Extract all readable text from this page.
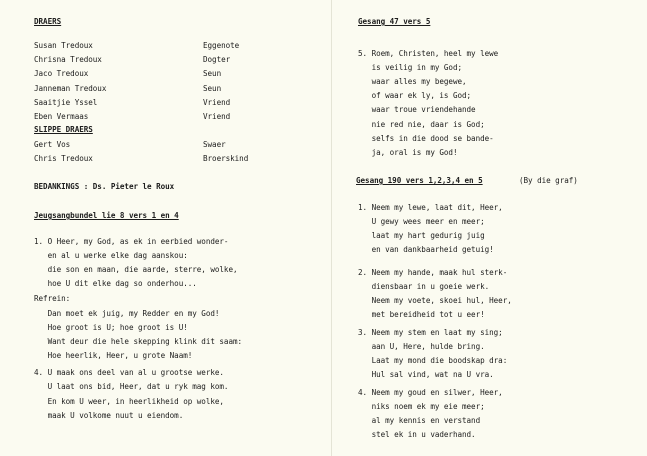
DRAERS
Susan Tredoux	Eggenote
Chrisna Tredoux	Dogter
Jaco Tredoux	Seun
Janneman Tredoux	Seun
Saaitjie Yssel	Vriend
Eben Vermaas	Vriend
SLIPPE DRAERS
Gert Vos	Swaer
Chris Tredoux	Broerskind
BEDANKINGS : Ds. Pieter le Roux
Jeugsangbundel lie 8 vers 1 en 4
1. O Heer, my God, as ek in eerbied wonder-
en al u werke elke dag aanskou:
die son en maan, die aarde, sterre, wolke,
hoe U dit elke dag so onderhou...
Refrein:
Dan moet ek juig, my Redder en my God!
Hoe groot is U; hoe groot is U!
Want deur die hele skepping klink dit saam:
Hoe heerlik, Heer, u grote Naam!
4. U maak ons deel van al u grootse werke.
U laat ons bid, Heer, dat u ryk mag kom.
En kom U weer, in heerlikheid op wolke,
maak U volkome nuut u eiendom.
Gesang 47 vers 5
5. Roem, Christen, heel my lewe
is veilig in my God;
waar alles my begewe,
of waar ek ly, is God;
waar troue vriendehande
nie red nie, daar is God;
selfs in die dood se bande-
ja, oral is my God!
Gesang 190 vers 1,2,3,4 en 5	(By die graf)
1. Neem my lewe, laat dit, Heer,
U gewy wees meer en meer;
laat my hart gedurig juig
en van dankbaarheid getuig!
2. Neem my hande, maak hul sterk-
diensbaar in u goeie werk.
Neem my voete, skoei hul, Heer,
met bereidheid tot u eer!
3. Neem my stem en laat my sing;
aan U, Here, hulde bring.
Laat my mond die boodskap dra:
Hul sal vind, wat na U vra.
4. Neem my goud en silwer, Heer,
niks noem ek my eie meer;
al my kennis en verstand
stel ek in u vaderhand.
